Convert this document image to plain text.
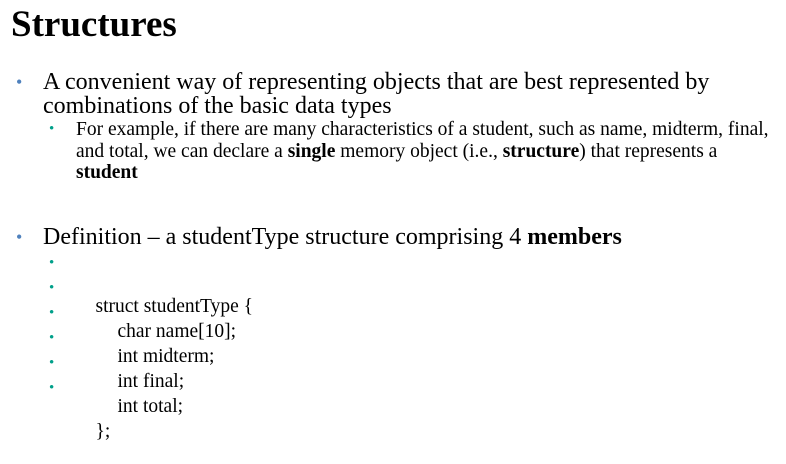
Structures
• A convenient way of representing objects that are best represented by combinations of the basic data types
• For example, if there are many characteristics of a student, such as name, midterm, final, and total, we can declare a single memory object (i.e., structure) that represents a student
• Definition – a studentType structure comprising 4 members

•

struct studentType {

•

char name[10];

•

int midterm;

•

int final;

•

int total;

•

};
